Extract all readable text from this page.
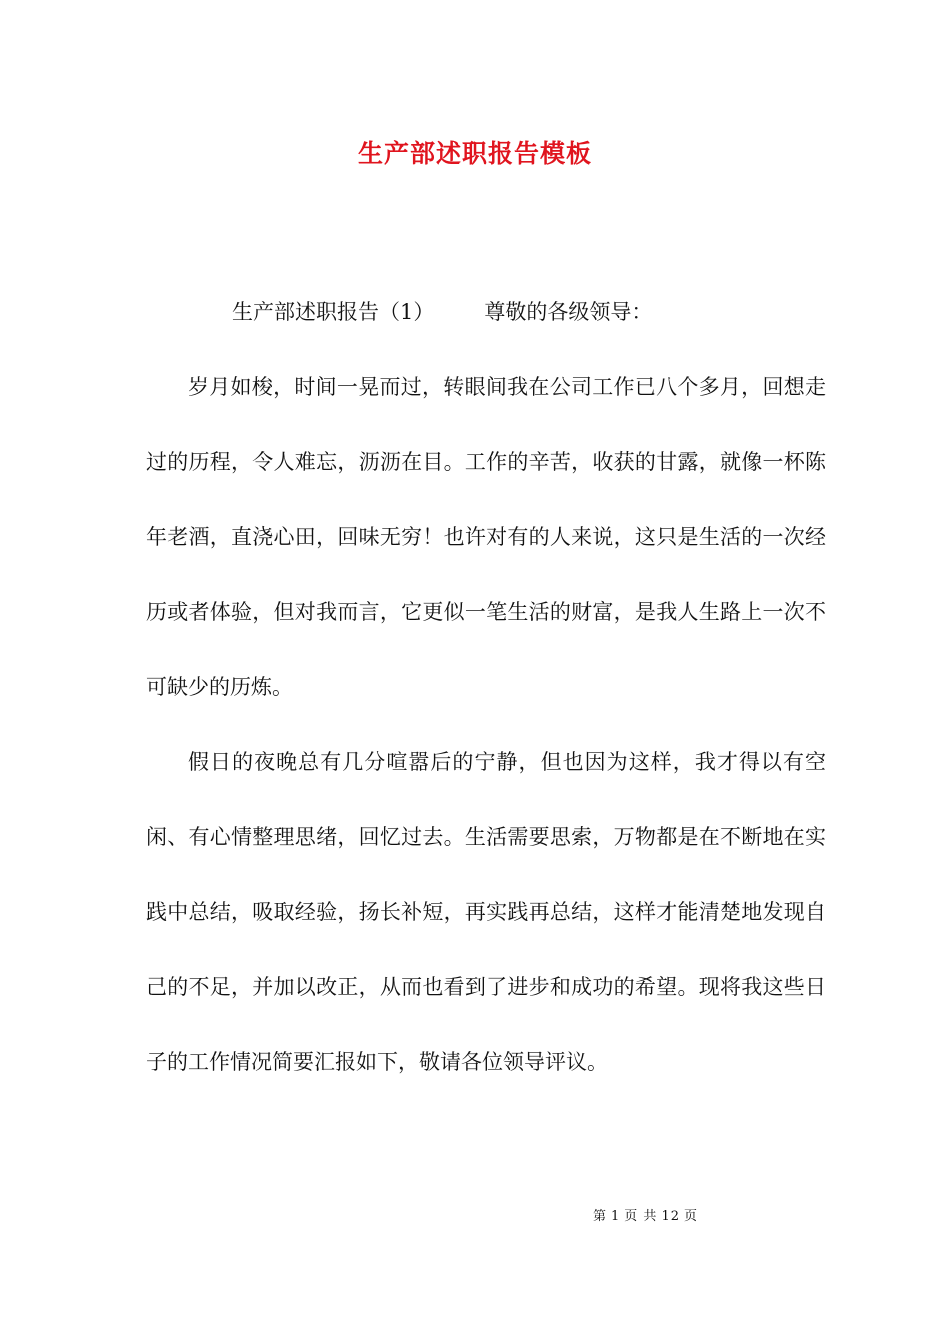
生产部述职报告模板

生产部述职报告（1） 尊敬的各级领导：

岁月如梭，时间一晃而过，转眼间我在公司工作已八个多月，回想走过的历程，令人难忘，沥沥在目。工作的辛苦，收获的甘露，就像一杯陈年老酒，直浇心田，回味无穷！也许对有的人来说，这只是生活的一次经历或者体验，但对我而言，它更似一笔生活的财富，是我人生路上一次不可缺少的历炼。

假日的夜晚总有几分喧嚣后的宁静，但也因为这样，我才得以有空闲、有心情整理思绪，回忆过去。生活需要思索，万物都是在不断地在实践中总结，吸取经验，扬长补短，再实践再总结，这样才能清楚地发现自己的不足，并加以改正，从而也看到了进步和成功的希望。现将我这些日子的工作情况简要汇报如下，敬请各位领导评议。

第 1 页 共 12 页
